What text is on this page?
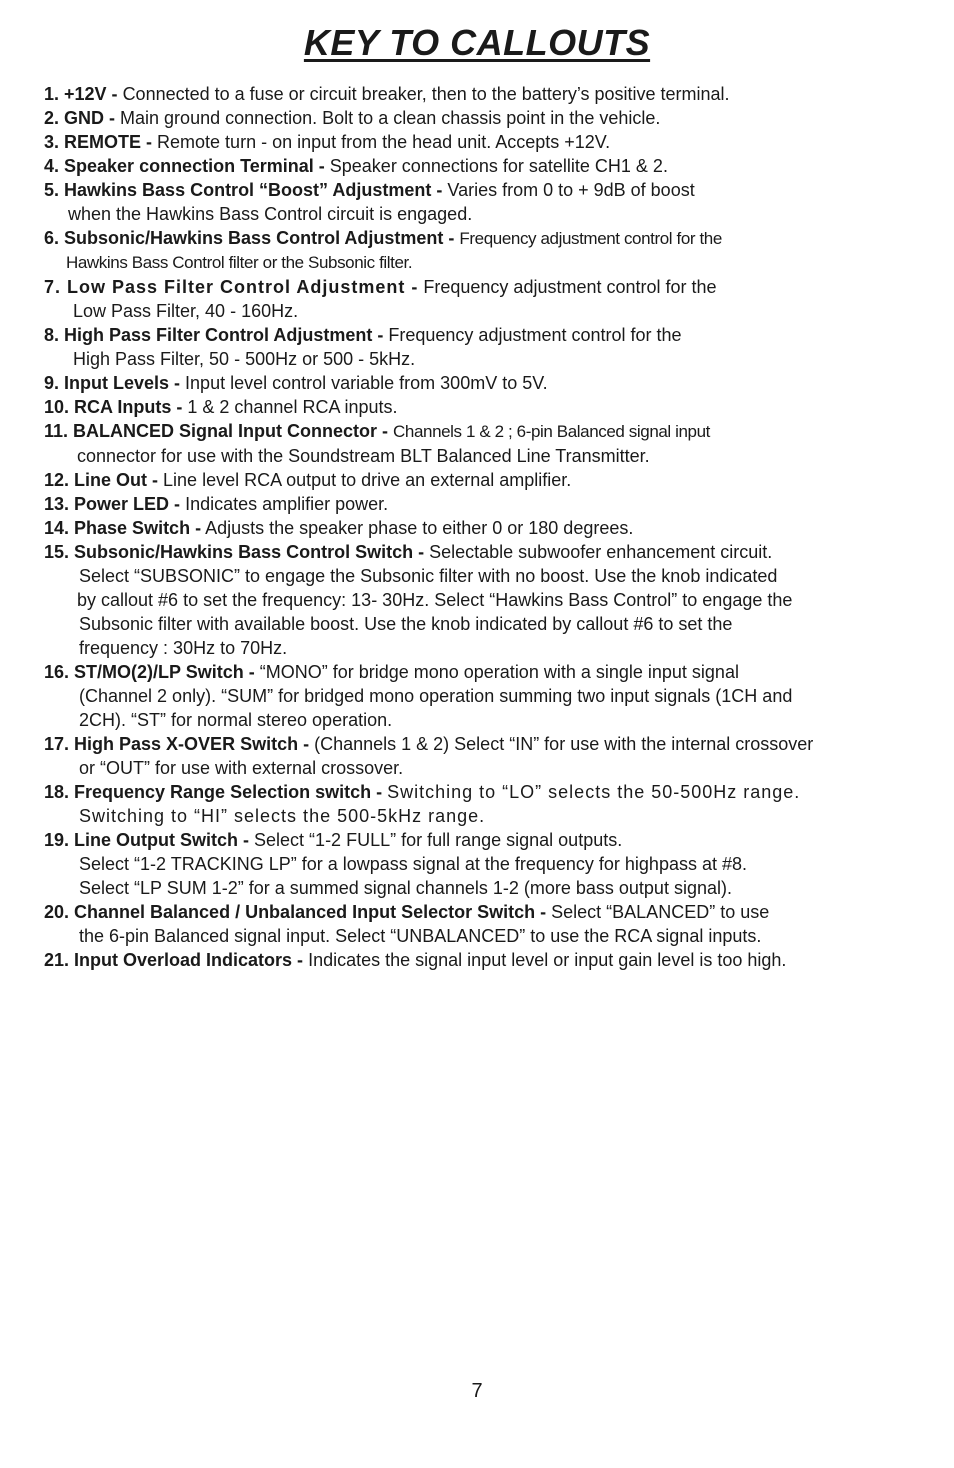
KEY TO CALLOUTS
1. +12V - Connected to a fuse or circuit breaker, then to the battery’s positive terminal.
2. GND - Main ground connection. Bolt to a clean chassis point in the vehicle.
3. REMOTE - Remote turn - on input from the head unit. Accepts +12V.
4. Speaker connection Terminal - Speaker connections for satellite CH1 & 2.
5. Hawkins Bass Control “Boost” Adjustment - Varies from 0 to + 9dB of boost
when the Hawkins Bass Control circuit is engaged.
6. Subsonic/Hawkins Bass Control Adjustment - Frequency adjustment control for the
Hawkins Bass Control filter or the Subsonic filter.
7. Low Pass Filter Control Adjustment - Frequency adjustment control for the
Low Pass Filter, 40 - 160Hz.
8. High Pass Filter Control Adjustment - Frequency adjustment control for the
High Pass Filter, 50 - 500Hz or 500 - 5kHz.
9. Input Levels - Input level control variable from 300mV to 5V.
10. RCA Inputs - 1 & 2 channel RCA inputs.
11. BALANCED Signal Input Connector - Channels 1 & 2 ; 6-pin Balanced signal input
connector for use with the Soundstream BLT Balanced Line Transmitter.
12. Line Out - Line level RCA output to drive an external amplifier.
13. Power LED - Indicates amplifier power.
14. Phase Switch - Adjusts the speaker phase to either 0 or 180 degrees.
15. Subsonic/Hawkins Bass Control Switch - Selectable subwoofer enhancement circuit.
Select “SUBSONIC” to engage the Subsonic filter with no boost. Use the knob indicated
by callout #6 to set the frequency: 13- 30Hz. Select “Hawkins Bass Control” to engage the
Subsonic filter with available boost. Use the knob indicated by callout #6 to set the
frequency : 30Hz to 70Hz.
16. ST/MO(2)/LP Switch - “MONO” for bridge mono operation with a single input signal
(Channel 2 only). “SUM” for bridged mono operation summing two input signals (1CH and
2CH). “ST” for normal stereo operation.
17. High Pass X-OVER Switch - (Channels 1 & 2) Select “IN” for use with the internal crossover
or “OUT” for use with external crossover.
18. Frequency Range Selection switch - Switching to “LO” selects the 50-500Hz range.
Switching to “HI” selects the 500-5kHz range.
19. Line Output Switch - Select “1-2 FULL” for full range signal outputs.
Select “1-2 TRACKING LP” for a lowpass signal at the frequency for highpass at #8.
Select “LP SUM 1-2” for a summed signal channels 1-2 (more bass output signal).
20. Channel Balanced / Unbalanced Input Selector Switch - Select “BALANCED” to use
the 6-pin Balanced signal input. Select “UNBALANCED” to use the RCA signal inputs.
21. Input Overload Indicators - Indicates the signal input level or input gain level is too high.
7
